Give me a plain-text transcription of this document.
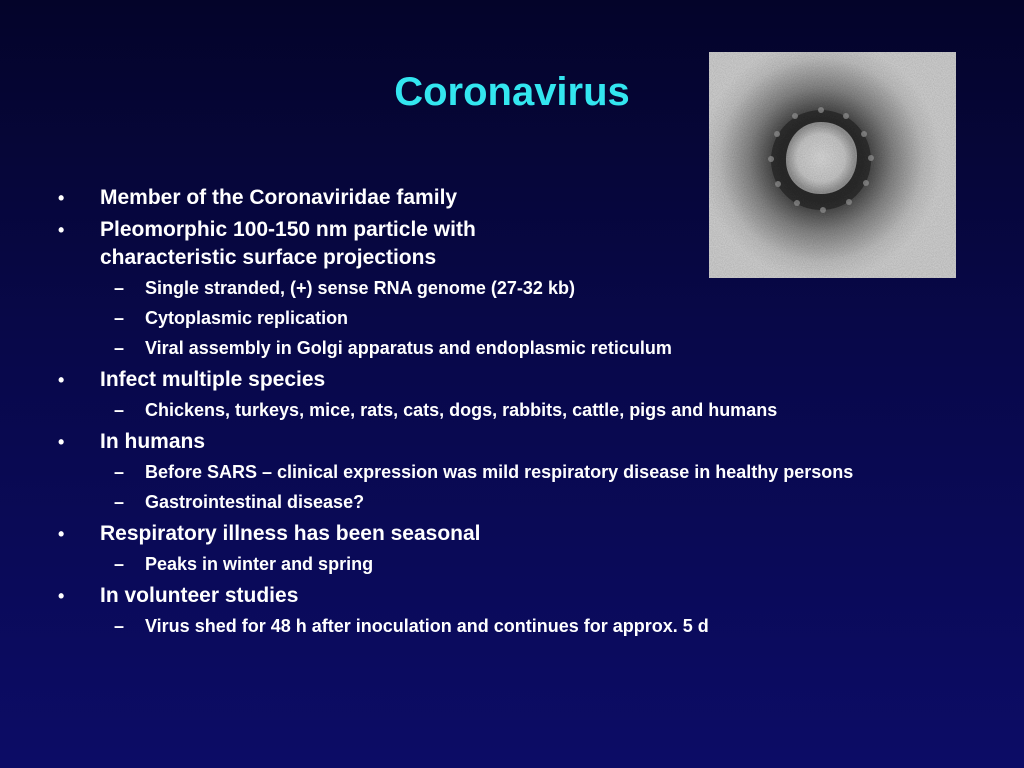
Coronavirus
• Member of the Coronaviridae family
• Pleomorphic 100-150 nm particle with characteristic surface projections
– Single stranded, (+) sense RNA genome (27-32 kb)
– Cytoplasmic replication
– Viral assembly in Golgi apparatus and endoplasmic reticulum
• Infect multiple species
– Chickens, turkeys, mice, rats, cats, dogs, rabbits, cattle, pigs and humans
• In humans
– Before SARS – clinical expression was mild respiratory disease in healthy persons
– Gastrointestinal disease?
• Respiratory illness has been seasonal
– Peaks in winter and spring
• In volunteer studies
– Virus shed for 48 h after inoculation and continues for approx. 5 d
